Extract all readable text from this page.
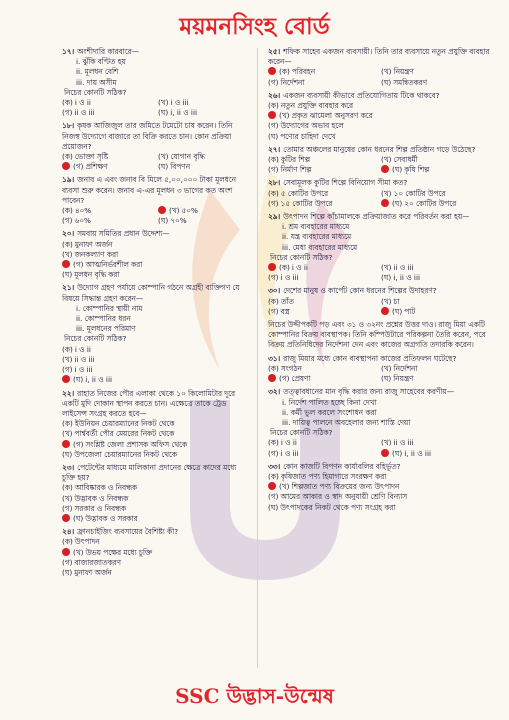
ময়মনসিংহ বোর্ড
১৭। অংশীদারি কারবারে—
i. ঝুঁকি বণ্টিত হয়
ii. মূলধন বেশি
iii. দায় অসীম
নিচের কোনটি সঠিক?
(ক) i ও ii	(খ) i ও iii
(গ) ii ও iii	(ঘ) i, ii ও iii
১৮। কৃষক আজিজুল তার জমিতে টমেটো চাষ করেন। তিনি নিজস্ব উদ্যোগে বাজারে তা বিক্রি করতে চান। কোন প্রক্রিয়া প্রয়োজন?
(ক) ভোক্তা সৃষ্টি	(খ) যোগান বৃদ্ধি
(গ) প্রশিক্ষণ	(ঘ) বিপণন
১৯। জনাব এ এবং জনাব বি মিলে ৫,০০,০০০ টাকা মূলধনে ব্যবসা শুরু করেন। জনাব এ-এর মূলধন ৩ ভাগের কত অংশ পাবেন?
(ক) ৪০%	(খ) ৫০%
(গ) ৬০%	(ঘ) ৭০%
২০। সমবায় সমিতির প্রধান উদ্দেশ্য—
(ক) মুনাফা অর্জন
(খ) জনকল্যাণ করা
(গ) আত্মনির্ভরশীল করা
(ঘ) মূলধন বৃদ্ধি করা
২১। উদ্যোগ গ্রহণ পর্যায়ে কোম্পানি গঠনে অগ্রহী ব্যক্তিগণ যে বিষয়ে সিদ্ধান্ত গ্রহণ করেন—
i. কোম্পানির স্থায়ী নাম
ii. কোম্পানির ধরন
iii. মূলধনের পরিমাণ
নিচের কোনটি সঠিক?
(ক) i ও ii
(খ) ii ও iii
(গ) i ও iii
(ঘ) i, ii ও iii
২২। রাহাত নিজের পৌর এলাকা থেকে ১০ কিলোমিটার দূরে একটি মুদি দোকান স্থাপন করতে চান। এক্ষেত্রে তাকে ট্রেড লাইসেন্স সংগ্রহ করতে হবে—
(ক) ইউনিয়ন চেয়ারম্যানের নিকট থেকে
(খ) পার্শ্ববর্তী পৌর মেয়রের নিকট থেকে
(গ) সংশ্লিষ্ট জেলা প্রশাসক অফিস থেকে
(ঘ) উপজেলা চেয়ারম্যানের নিকট থেকে
২৩। পেটেন্টের মাধ্যমে মালিকানা প্রদানের ক্ষেত্রে কাদের মধ্যে চুক্তি হয়?
(ক) আবিষ্কারক ও নিবন্ধক
(খ) উদ্ভাবক ও নিবন্ধক
(গ) সরকার ও নিবন্ধক
(ঘ) উদ্ভাবক ও সরকার
২৪। ফ্রানচাইজিং ব্যবসায়ের বৈশিষ্ট্য কী?
(ক) উৎপাদন
(খ) উভয় পক্ষের মধ্যে চুক্তি
(গ) বাজারজাতকরণ
(ঘ) মুনাফা অর্জন
২৫। শফিক সাহেব একজন ব্যবসায়ী। তিনি তার ব্যবসায়ে নতুন প্রযুক্তি ব্যবহার করেন—
(ক) পরিবহন	(খ) নিয়ন্ত্রণ
(গ) নির্দেশনা	(ঘ) সমন্বিতকরণ
২৬। একজন ব্যবসায়ী কীভাবে প্রতিযোগিতায় টিকে থাকবে?
(ক) নতুন প্রযুক্তি ব্যবহার করে
(খ) প্রকৃত ঝামেলা অনুসরণ করে
(গ) উদ্যোগের অভাব হলে
(ঘ) পণ্যের চাহিদা দেখে
২৭। তোমার অঞ্চলের মানুষের কোন ধরনের শিল্প প্রতিষ্ঠান গড়ে উঠেছে?
(ক) কুটির শিল্প	(খ) সেবাধর্মী
(গ) নির্মাণ শিল্প	(ঘ) কৃষি শিল্প
২৮। সেবামূলক কুটির শিল্পে বিনিয়োগ সীমা কত?
(ক) ৫ কোটির উপরে	(খ) ১০ কোটির উপরে
(গ) ১৫ কোটির উপরে	(ঘ) ২০ কোটির উপরে
২৯। উৎপাদন শিল্পে কাঁচামালকে প্রক্রিয়াজাত করে পরিবর্তন করা হয়—
i. শ্রম ব্যবহারের মাধ্যমে
ii. যন্ত্র ব্যবহারের মাধ্যমে
iii. মেধা ব্যবহারের মাধ্যমে
নিচের কোনটি সঠিক?
(ক) i ও ii	(খ) ii ও iii
(গ) i ও iii	(ঘ) i, ii ও iii
৩০। দেশের মানুষ ও কার্পেট কোন ধরনের শিল্পের উদাহরণ?
(ক) তাঁত	(খ) চা
(গ) বস্ত্র	(ঘ) পাট
নিচের উদ্দীপকটি পড় এবং ৩১ ও ৩২নং প্রশ্নের উত্তর দাও। রাজু মিয়া একটি কোম্পানির বিক্রয় ব্যবস্থাপক। তিনি কম্পিউটারে পরিকল্পনা তৈরি করেন, পরে বিক্রয় প্রতিনিধিদের নির্দেশনা দেন এবং কাজের অগ্রগতি তদারকি করেন।
৩১। রাজু মিয়ার মধ্যে কোন ব্যবস্থাপনা কাজের প্রতিফলন ঘটেছে?
(ক) সংগঠন	(খ) নির্দেশনা
(গ) প্রেষণা	(ঘ) নিয়ন্ত্রণ
৩২। তত্ত্বাবধানের মান বৃদ্ধি করার জন্য রাজু সাহেবের করণীয়—
i. নির্দেশ পালিত হচ্ছে কিনা দেখা
ii. কর্মী ভুল করলে সংশোধন করা
iii. দায়িত্ব পালনে অবহেলার জন্য শাস্তি দেয়া
নিচের কোনটি সঠিক?
(ক) i ও ii	(খ) ii ও iii
(গ) i ও iii	(ঘ) i, ii ও iii
৩৩। কোন কাজটি বিপণন কার্যাবলির বহির্ভূত?
(ক) কৃষিজাত পণ্য হিমাগারে সংরক্ষণ করা
(খ) শিল্পজাত পণ্য বিক্রয়ের জন্য উৎপাদন
(গ) আমের আকার ও স্বাদ অনুযায়ী শ্রেণি বিন্যাস
(ঘ) উৎপাদকের নিকট থেকে পণ্য সংগ্রহ করা
SSC উদ্ভাস-উন্মেষ
